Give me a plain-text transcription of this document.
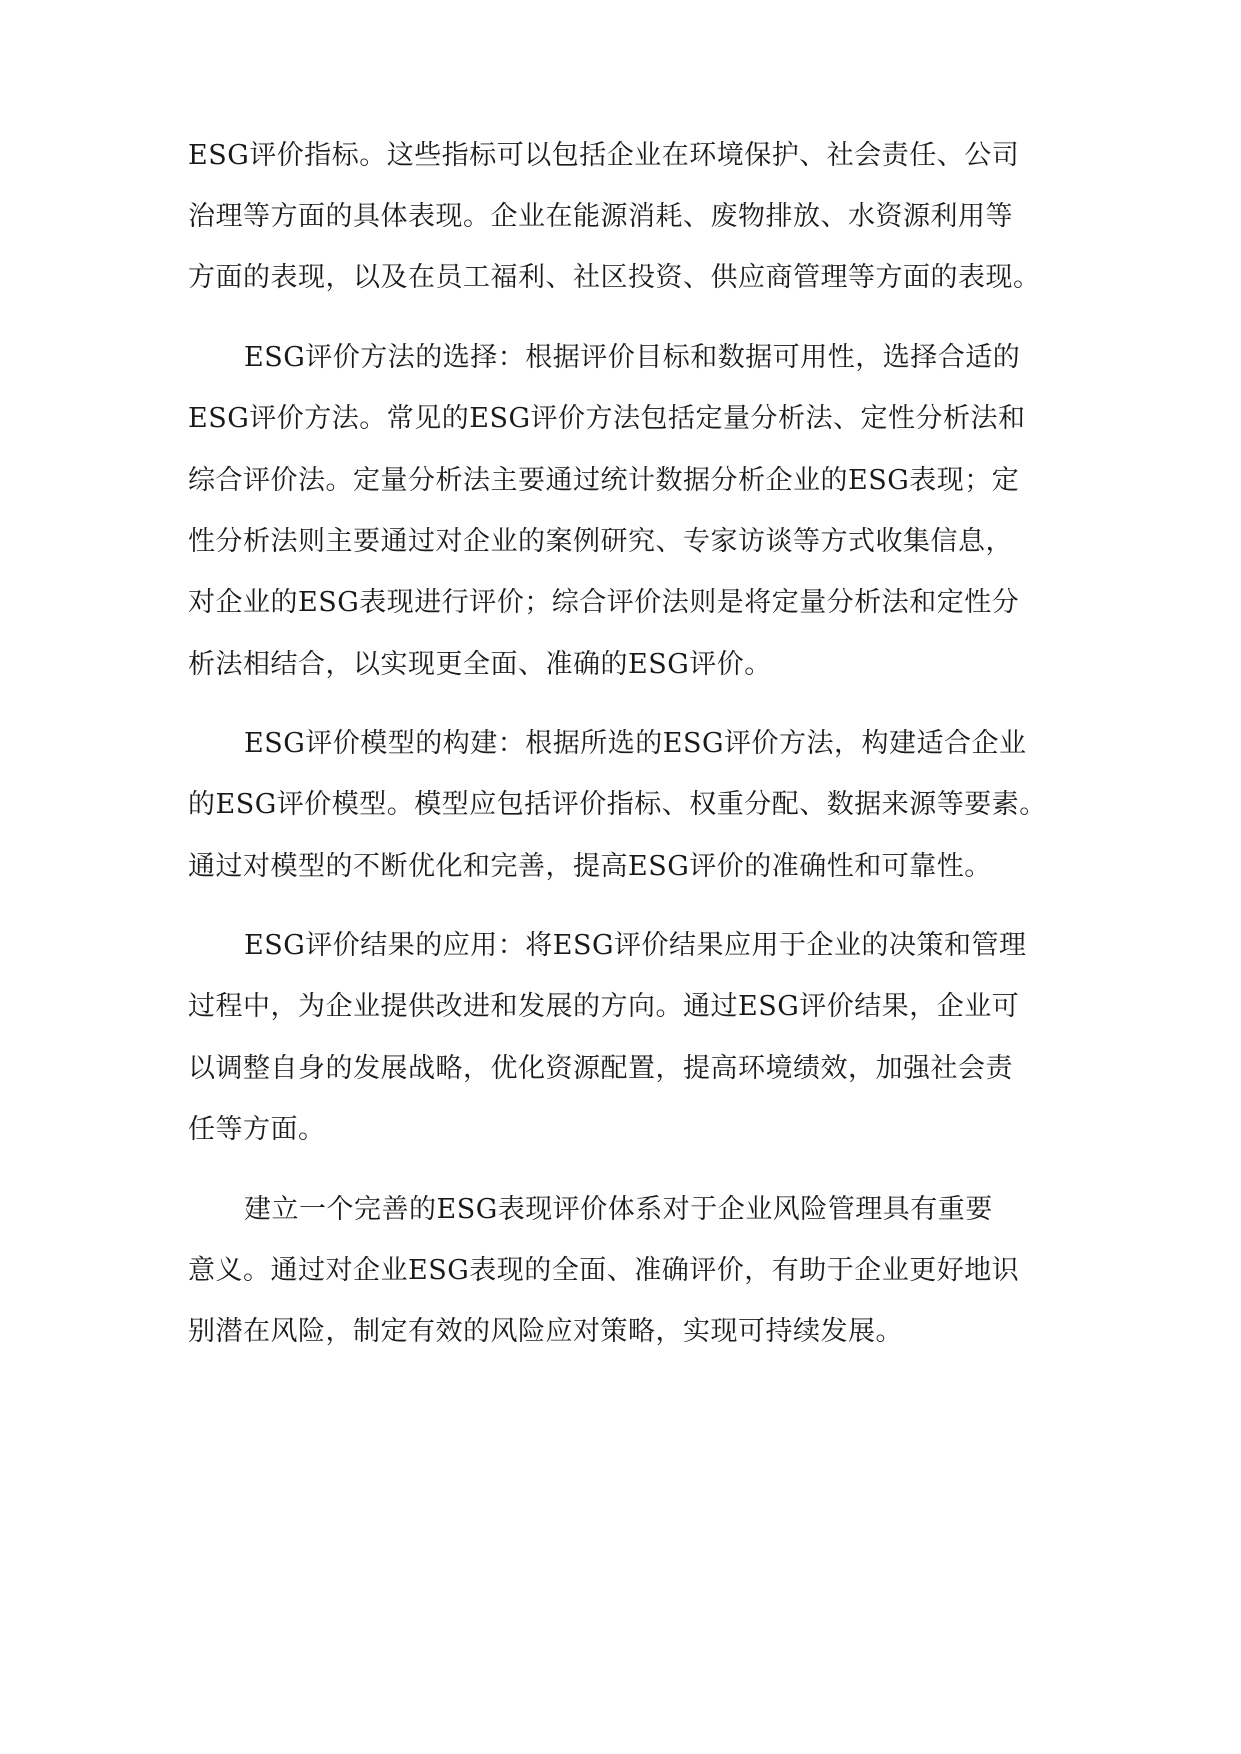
ESG评价指标。这些指标可以包括企业在环境保护、社会责任、公司

治理等方面的具体表现。企业在能源消耗、废物排放、水资源利用等

方面的表现，以及在员工福利、社区投资、供应商管理等方面的表现。

ESG评价方法的选择：根据评价目标和数据可用性，选择合适的

ESG评价方法。常见的ESG评价方法包括定量分析法、定性分析法和

综合评价法。定量分析法主要通过统计数据分析企业的ESG表现；定

性分析法则主要通过对企业的案例研究、专家访谈等方式收集信息，

对企业的ESG表现进行评价；综合评价法则是将定量分析法和定性分

析法相结合，以实现更全面、准确的ESG评价。

ESG评价模型的构建：根据所选的ESG评价方法，构建适合企业

的ESG评价模型。模型应包括评价指标、权重分配、数据来源等要素。

通过对模型的不断优化和完善，提高ESG评价的准确性和可靠性。

ESG评价结果的应用：将ESG评价结果应用于企业的决策和管理

过程中，为企业提供改进和发展的方向。通过ESG评价结果，企业可

以调整自身的发展战略，优化资源配置，提高环境绩效，加强社会责

任等方面。

建立一个完善的ESG表现评价体系对于企业风险管理具有重要

意义。通过对企业ESG表现的全面、准确评价，有助于企业更好地识

别潜在风险，制定有效的风险应对策略，实现可持续发展。
